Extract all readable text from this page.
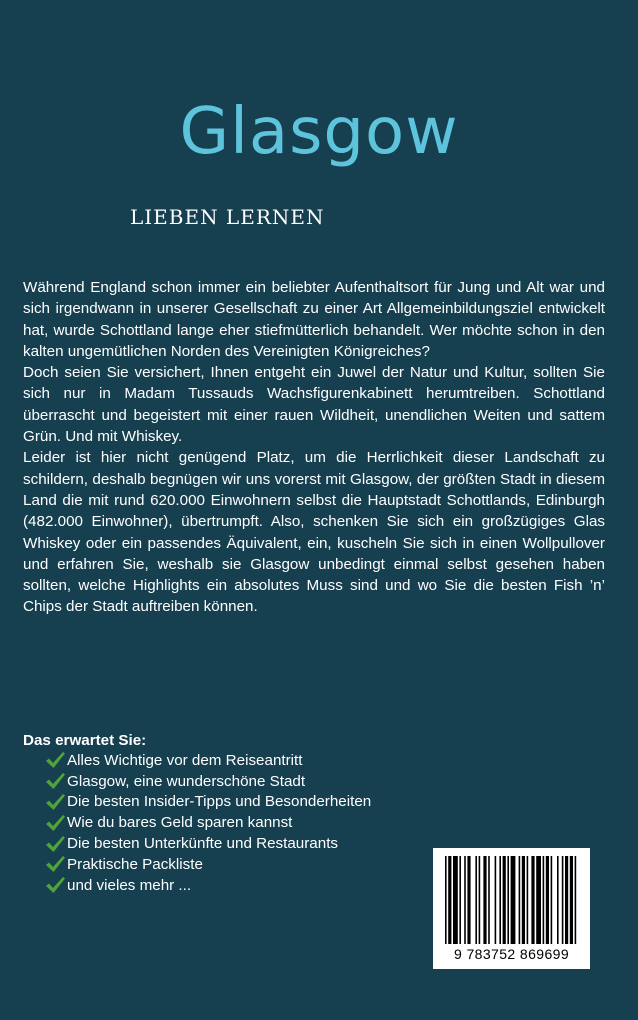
Glasgow
LIEBEN LERNEN

Während England schon immer ein beliebter Aufenthaltsort für Jung und Alt war und sich irgendwann in unserer Gesellschaft zu einer Art Allgemeinbildungsziel entwickelt hat, wurde Schottland lange eher stiefmütterlich behandelt. Wer möchte schon in den kalten ungemütlichen Norden des Vereinigten Königreiches?

Doch seien Sie versichert, Ihnen entgeht ein Juwel der Natur und Kultur, sollten Sie sich nur in Madam Tussauds Wachsfigurenkabinett herumtreiben. Schottland überrascht und begeistert mit einer rauen Wildheit, unendlichen Weiten und sattem Grün. Und mit Whiskey.

Leider ist hier nicht genügend Platz, um die Herrlichkeit dieser Landschaft zu schildern, deshalb begnügen wir uns vorerst mit Glasgow, der größten Stadt in diesem Land die mit rund 620.000 Einwohnern selbst die Hauptstadt Schottlands, Edinburgh (482.000 Einwohner), übertrumpft. Also, schenken Sie sich ein großzügiges Glas Whiskey oder ein passendes Äquivalent, ein, kuscheln Sie sich in einen Wollpullover und erfahren Sie, weshalb sie Glasgow unbedingt einmal selbst gesehen haben sollten, welche Highlights ein absolutes Muss sind und wo Sie die besten Fish ’n’ Chips der Stadt auftreiben können.

Das erwartet Sie:
Alles Wichtige vor dem Reiseantritt
Glasgow, eine wunderschöne Stadt
Die besten Insider-Tipps und Besonderheiten
Wie du bares Geld sparen kannst
Die besten Unterkünfte und Restaurants
Praktische Packliste
und vieles mehr ...
9 783752 869699
